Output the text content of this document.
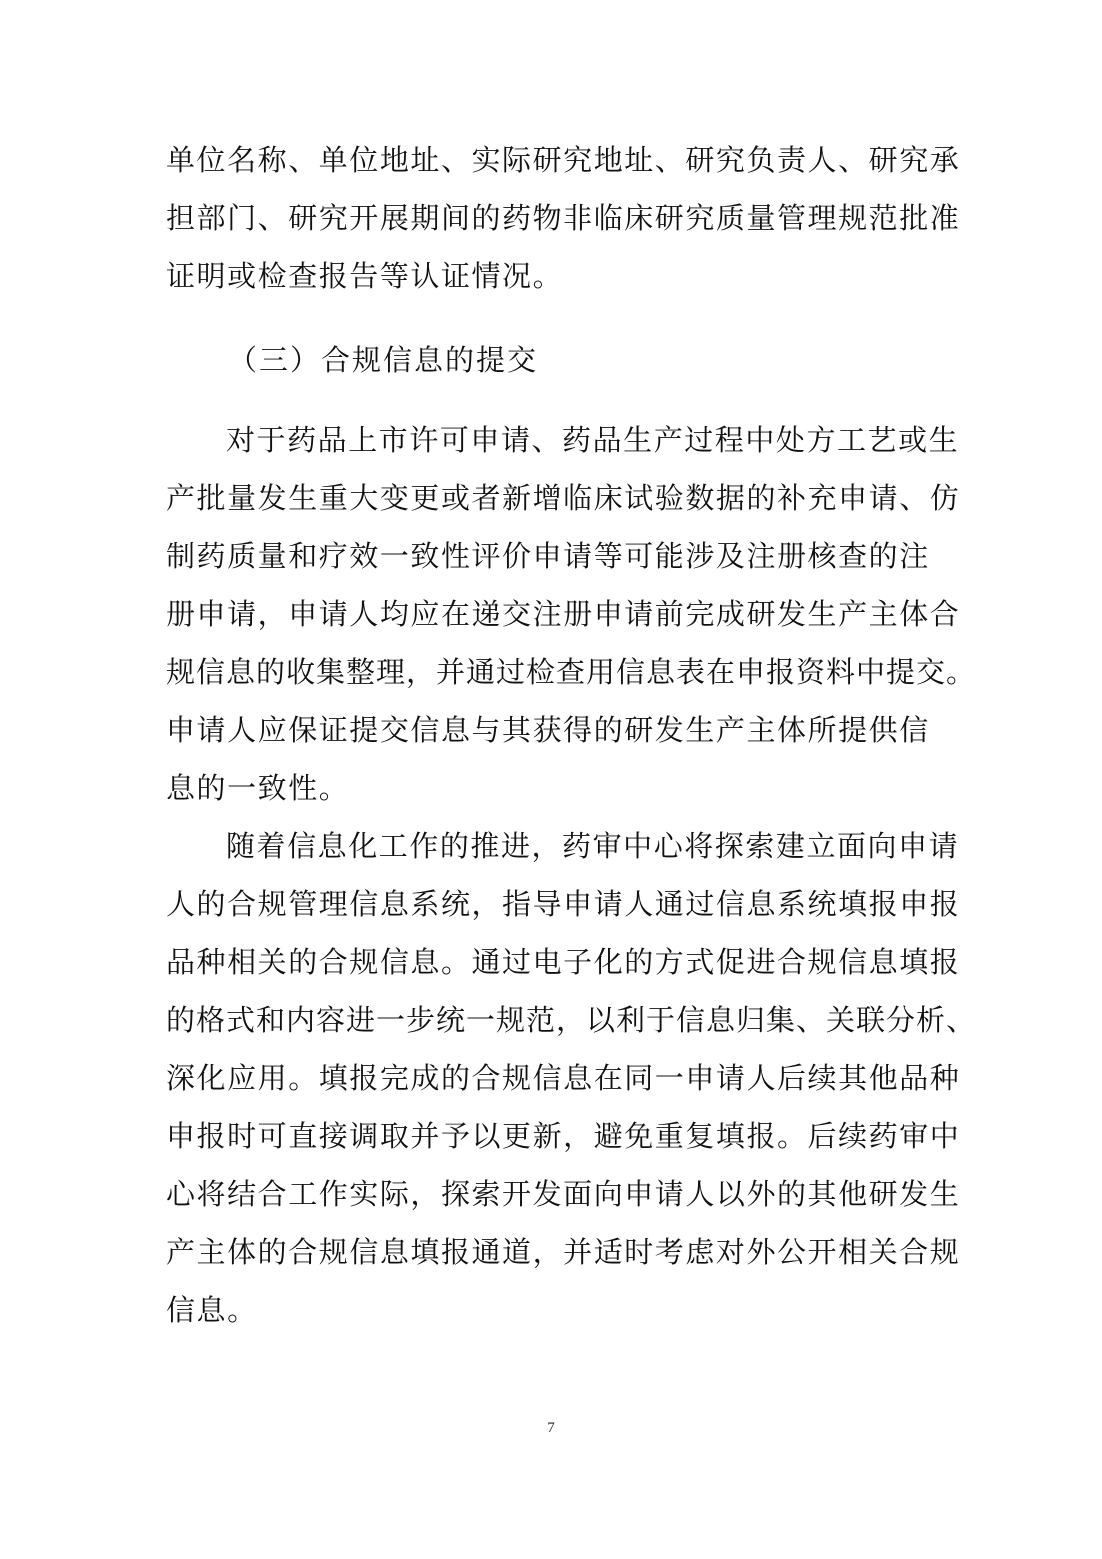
单位名称、单位地址、实际研究地址、研究负责人、研究承
担部门、研究开展期间的药物非临床研究质量管理规范批准
证明或检查报告等认证情况。
（三）合规信息的提交
对于药品上市许可申请、药品生产过程中处方工艺或生
产批量发生重大变更或者新增临床试验数据的补充申请、仿
制药质量和疗效一致性评价申请等可能涉及注册核查的注
册申请，申请人均应在递交注册申请前完成研发生产主体合
规信息的收集整理，并通过检查用信息表在申报资料中提交。
申请人应保证提交信息与其获得的研发生产主体所提供信
息的一致性。
随着信息化工作的推进，药审中心将探索建立面向申请
人的合规管理信息系统，指导申请人通过信息系统填报申报
品种相关的合规信息。通过电子化的方式促进合规信息填报
的格式和内容进一步统一规范，以利于信息归集、关联分析、
深化应用。填报完成的合规信息在同一申请人后续其他品种
申报时可直接调取并予以更新，避免重复填报。后续药审中
心将结合工作实际，探索开发面向申请人以外的其他研发生
产主体的合规信息填报通道，并适时考虑对外公开相关合规
信息。
7
